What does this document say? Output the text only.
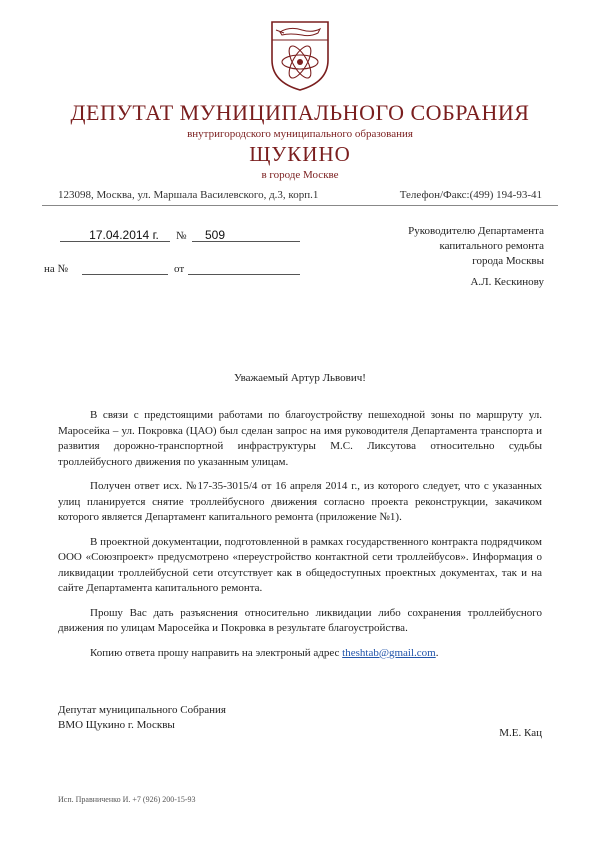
ДЕПУТАТ МУНИЦИПАЛЬНОГО СОБРАНИЯ
внутригородского муниципального образования
ЩУКИНО
в городе Москве
123098, Москва, ул. Маршала Василевского, д.3, корп.1	Телефон/Факс:(499) 194-93-41
17.04.2014 г.	№ 509
на №	от
Руководителю Департамента
капитального ремонта
города Москвы
А.Л. Кескинову
Уважаемый Артур Львович!

В связи с предстоящими работами по благоустройству пешеходной зоны по маршруту ул. Маросейка – ул. Покровка (ЦАО) был сделан запрос на имя руководителя Департамента транспорта и развития дорожно-транспортной инфраструктуры М.С. Ликсутова относительно судьбы троллейбусного движения по указанным улицам.

Получен ответ исх. №17-35-3015/4 от 16 апреля 2014 г., из которого следует, что с указанных улиц планируется снятие троллейбусного движения согласно проекта реконструкции, закачиком которого является Департамент капитального ремонта (приложение №1).

В проектной документации, подготовленной в рамках государственного контракта подрядчиком ООО «Союзпроект» предусмотрено «переустройство контактной сети троллейбусов». Информация о ликвидации троллейбусной сети отсутствует как в общедоступных проектных документах, так и на сайте Департамента капитального ремонта.

Прошу Вас дать разъяснения относительно ликвидации либо сохранения троллейбусного движения по улицам Маросейка и Покровка в результате благоустройства.

Копию ответа прошу направить на электроный адрес theshtab@gmail.com.

Депутат муниципального Собрания
ВМО Щукино г. Москвы
М.Е. Кац
Исп. Правниченко И. +7 (926) 200-15-93
